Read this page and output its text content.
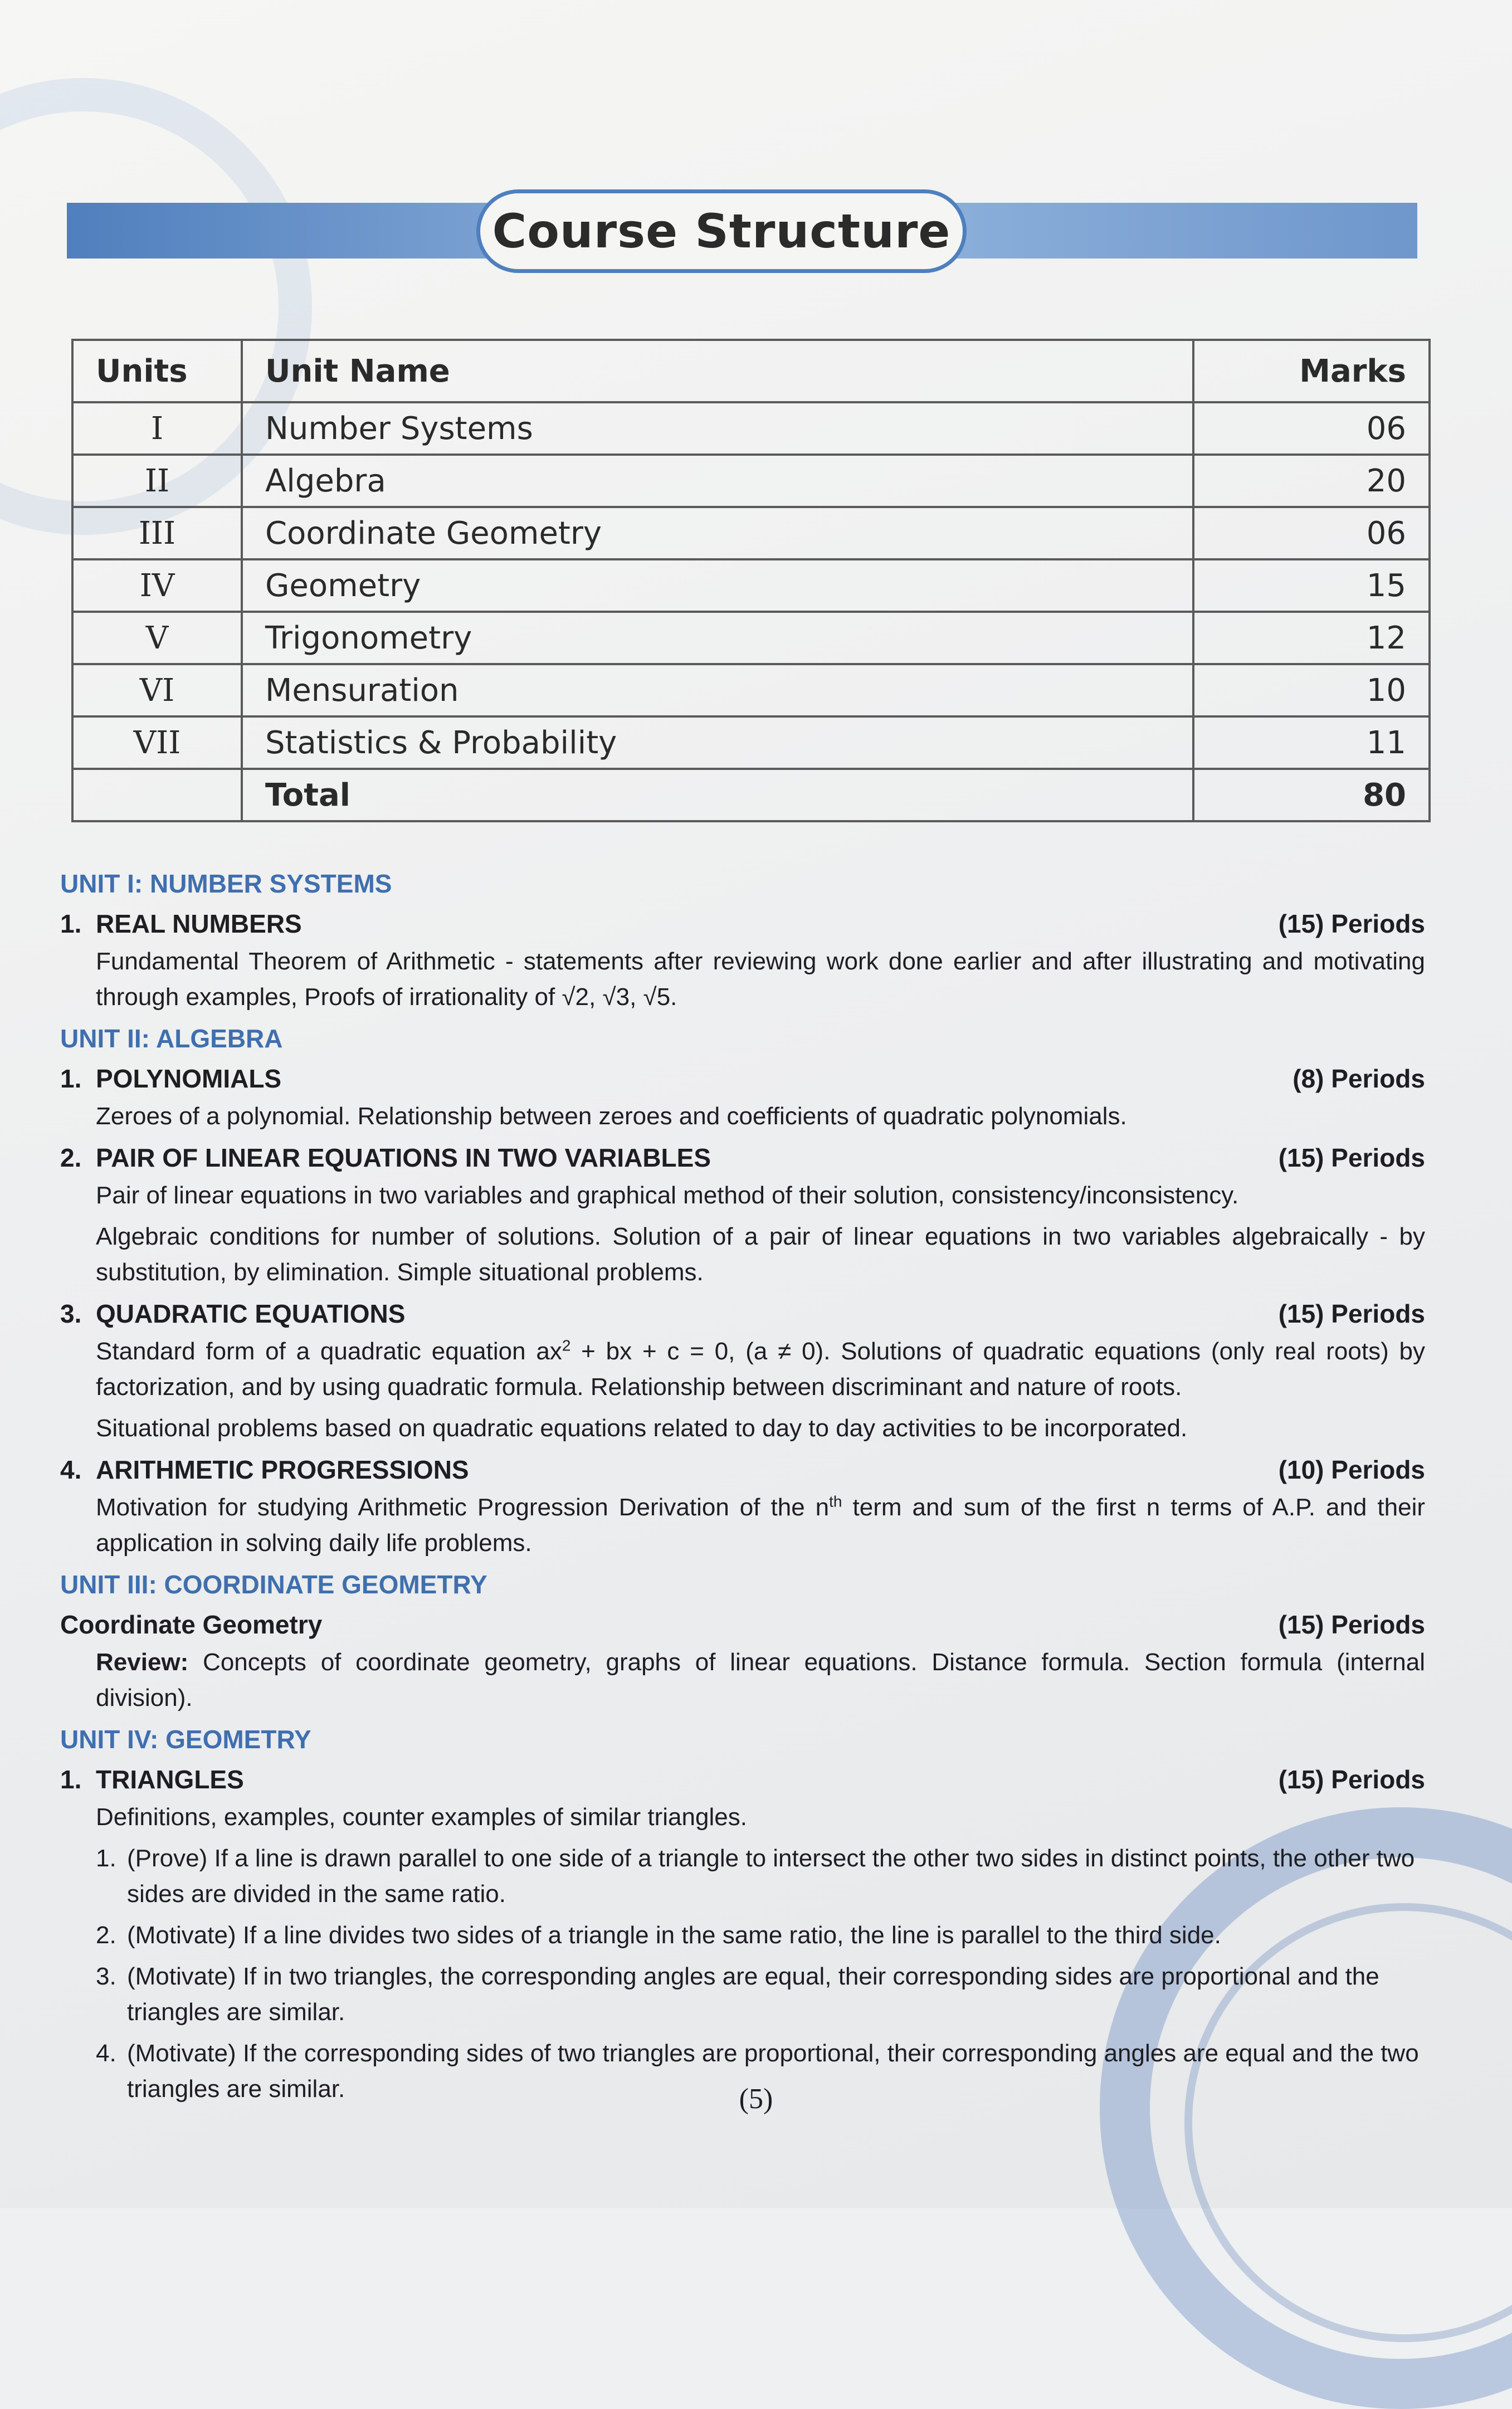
Course Structure
Units	Unit Name	Marks
I	Number Systems	06
II	Algebra	20
III	Coordinate Geometry	06
IV	Geometry	15
V	Trigonometry	12
VI	Mensuration	10
VII	Statistics & Probability	11
	Total	80
UNIT I: NUMBER SYSTEMS
1. REAL NUMBERS	(15) Periods
Fundamental Theorem of Arithmetic - statements after reviewing work done earlier and after illustrating and motivating through examples, Proofs of irrationality of √2, √3, √5.
UNIT II: ALGEBRA
1. POLYNOMIALS	(8) Periods
Zeroes of a polynomial. Relationship between zeroes and coefficients of quadratic polynomials.
2. PAIR OF LINEAR EQUATIONS IN TWO VARIABLES	(15) Periods
Pair of linear equations in two variables and graphical method of their solution, consistency/inconsistency.
Algebraic conditions for number of solutions. Solution of a pair of linear equations in two variables algebraically - by substitution, by elimination. Simple situational problems.
3. QUADRATIC EQUATIONS	(15) Periods
Standard form of a quadratic equation $ax^2$ + bx + c = 0, (a ≠ 0). Solutions of quadratic equations (only real roots) by factorization, and by using quadratic formula. Relationship between discriminant and nature of roots.
Situational problems based on quadratic equations related to day to day activities to be incorporated.
4. ARITHMETIC PROGRESSIONS	(10) Periods
Motivation for studying Arithmetic Progression Derivation of the $n^{th}$ term and sum of the first n terms of A.P. and their application in solving daily life problems.
UNIT III: COORDINATE GEOMETRY
Coordinate Geometry	(15) Periods
Review: Concepts of coordinate geometry, graphs of linear equations. Distance formula. Section formula (internal division).
UNIT IV: GEOMETRY
1. TRIANGLES	(15) Periods
Definitions, examples, counter examples of similar triangles.
1. (Prove) If a line is drawn parallel to one side of a triangle to intersect the other two sides in distinct points, the other two sides are divided in the same ratio.
2. (Motivate) If a line divides two sides of a triangle in the same ratio, the line is parallel to the third side.
3. (Motivate) If in two triangles, the corresponding angles are equal, their corresponding sides are proportional and the triangles are similar.
4. (Motivate) If the corresponding sides of two triangles are proportional, their corresponding angles are equal and the two triangles are similar.	(5)
